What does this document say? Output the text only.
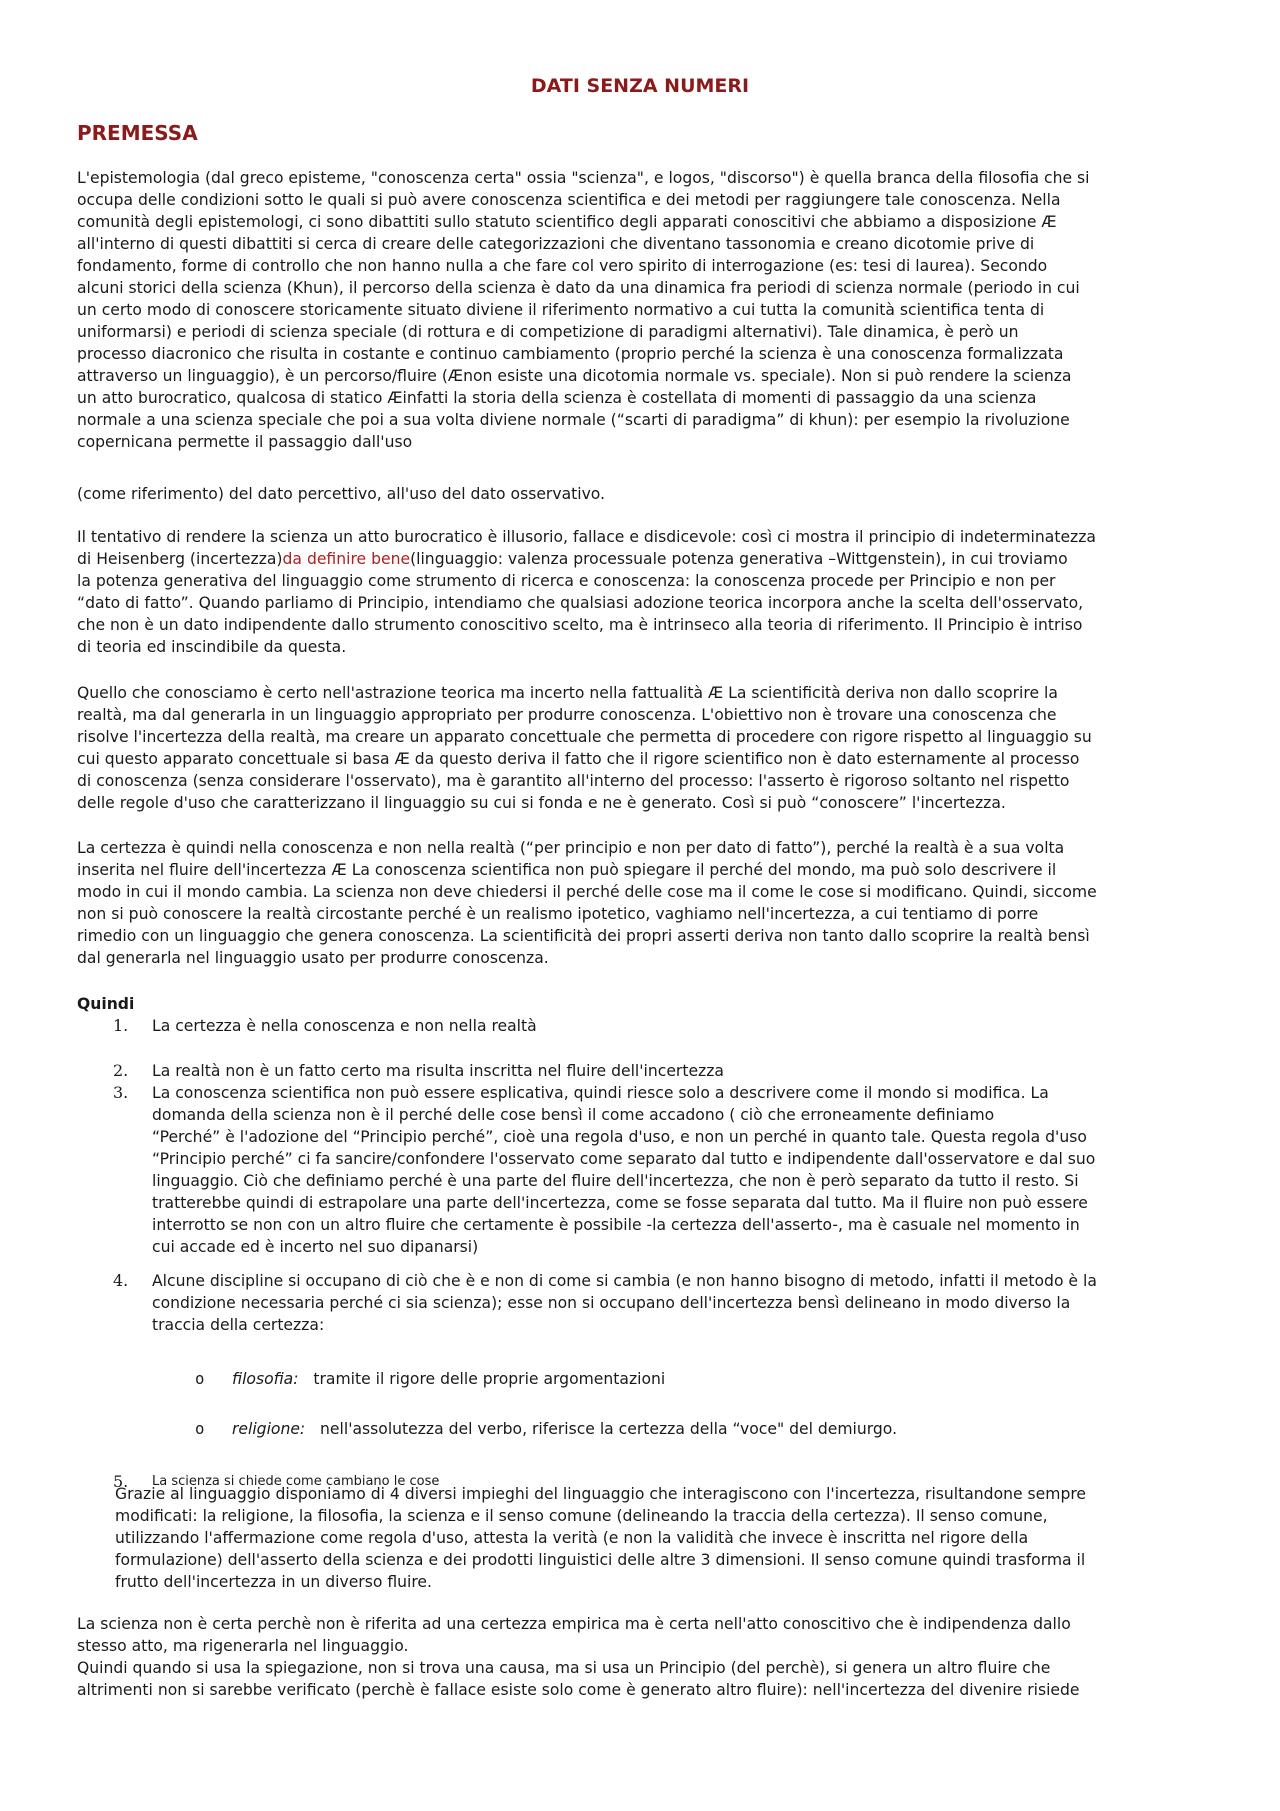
DATI SENZA NUMERI
PREMESSA
L'epistemologia (dal greco episteme, "conoscenza certa" ossia "scienza", e logos, "discorso") è quella branca della filosofia che si
occupa delle condizioni sotto le quali si può avere conoscenza scientifica e dei metodi per raggiungere tale conoscenza. Nella
comunità degli epistemologi, ci sono dibattiti sullo statuto scientifico degli apparati conoscitivi che abbiamo a disposizione Æ
all'interno di questi dibattiti si cerca di creare delle categorizzazioni che diventano tassonomia e creano dicotomie prive di
fondamento, forme di controllo che non hanno nulla a che fare col vero spirito di interrogazione (es: tesi di laurea). Secondo
alcuni storici della scienza (Khun), il percorso della scienza è dato da una dinamica fra periodi di scienza normale (periodo in cui
un certo modo di conoscere storicamente situato diviene il riferimento normativo a cui tutta la comunità scientifica tenta di
uniformarsi) e periodi di scienza speciale (di rottura e di competizione di paradigmi alternativi). Tale dinamica, è però un
processo diacronico che risulta in costante e continuo cambiamento (proprio perché la scienza è una conoscenza formalizzata
attraverso un linguaggio), è un percorso/fluire (Ænon esiste una dicotomia normale vs. speciale). Non si può rendere la scienza
un atto burocratico, qualcosa di statico Æinfatti la storia della scienza è costellata di momenti di passaggio da una scienza
normale a una scienza speciale che poi a sua volta diviene normale (“scarti di paradigma” di khun): per esempio la rivoluzione
copernicana permette il passaggio dall'uso
(come riferimento) del dato percettivo, all'uso del dato osservativo.
Il tentativo di rendere la scienza un atto burocratico è illusorio, fallace e disdicevole: così ci mostra il principio di indeterminatezza
di Heisenberg (incertezza)da definire bene(linguaggio: valenza processuale potenza generativa –Wittgenstein), in cui troviamo
la potenza generativa del linguaggio come strumento di ricerca e conoscenza: la conoscenza procede per Principio e non per
“dato di fatto”. Quando parliamo di Principio, intendiamo che qualsiasi adozione teorica incorpora anche la scelta dell'osservato,
che non è un dato indipendente dallo strumento conoscitivo scelto, ma è intrinseco alla teoria di riferimento. Il Principio è intriso
di teoria ed inscindibile da questa.
Quello che conosciamo è certo nell'astrazione teorica ma incerto nella fattualità Æ La scientificità deriva non dallo scoprire la
realtà, ma dal generarla in un linguaggio appropriato per produrre conoscenza. L'obiettivo non è trovare una conoscenza che
risolve l'incertezza della realtà, ma creare un apparato concettuale che permetta di procedere con rigore rispetto al linguaggio su
cui questo apparato concettuale si basa Æ da questo deriva il fatto che il rigore scientifico non è dato esternamente al processo
di conoscenza (senza considerare l'osservato), ma è garantito all'interno del processo: l'asserto è rigoroso soltanto nel rispetto
delle regole d'uso che caratterizzano il linguaggio su cui si fonda e ne è generato. Così si può “conoscere” l'incertezza.
La certezza è quindi nella conoscenza e non nella realtà (“per principio e non per dato di fatto”), perché la realtà è a sua volta
inserita nel fluire dell'incertezza Æ La conoscenza scientifica non può spiegare il perché del mondo, ma può solo descrivere il
modo in cui il mondo cambia. La scienza non deve chiedersi il perché delle cose ma il come le cose si modificano. Quindi, siccome
non si può conoscere la realtà circostante perché è un realismo ipotetico, vaghiamo nell'incertezza, a cui tentiamo di porre
rimedio con un linguaggio che genera conoscenza. La scientificità dei propri asserti deriva non tanto dallo scoprire la realtà bensì
dal generarla nel linguaggio usato per produrre conoscenza.
Quindi
1. La certezza è nella conoscenza e non nella realtà
2. La realtà non è un fatto certo ma risulta inscritta nel fluire dell'incertezza
3. La conoscenza scientifica non può essere esplicativa, quindi riesce solo a descrivere come il mondo si modifica. La
domanda della scienza non è il perché delle cose bensì il come accadono ( ciò che erroneamente definiamo
“Perché” è l'adozione del “Principio perché”, cioè una regola d'uso, e non un perché in quanto tale. Questa regola d'uso
“Principio perché” ci fa sancire/confondere l'osservato come separato dal tutto e indipendente dall'osservatore e dal suo
linguaggio. Ciò che definiamo perché è una parte del fluire dell'incertezza, che non è però separato da tutto il resto. Si
tratterebbe quindi di estrapolare una parte dell'incertezza, come se fosse separata dal tutto. Ma il fluire non può essere
interrotto se non con un altro fluire che certamente è possibile -la certezza dell'asserto-, ma è casuale nel momento in
cui accade ed è incerto nel suo dipanarsi)
4. Alcune discipline si occupano di ciò che è e non di come si cambia (e non hanno bisogno di metodo, infatti il metodo è la
condizione necessaria perché ci sia scienza); esse non si occupano dell'incertezza bensì delineano in modo diverso la
traccia della certezza:
o filosofia: tramite il rigore delle proprie argomentazioni
o religione: nell'assolutezza del verbo, riferisce la certezza della “voce" del demiurgo.
5. La scienza si chiede come cambiano le cose
Grazie al linguaggio disponiamo di 4 diversi impieghi del linguaggio che interagiscono con l'incertezza, risultandone sempre
modificati: la religione, la filosofia, la scienza e il senso comune (delineando la traccia della certezza). Il senso comune,
utilizzando l'affermazione come regola d'uso, attesta la verità (e non la validità che invece è inscritta nel rigore della
formulazione) dell'asserto della scienza e dei prodotti linguistici delle altre 3 dimensioni. Il senso comune quindi trasforma il
frutto dell'incertezza in un diverso fluire.
La scienza non è certa perchè non è riferita ad una certezza empirica ma è certa nell'atto conoscitivo che è indipendenza dallo
stesso atto, ma rigenerarla nel linguaggio.
Quindi quando si usa la spiegazione, non si trova una causa, ma si usa un Principio (del perchè), si genera un altro fluire che
altrimenti non si sarebbe verificato (perchè è fallace esiste solo come è generato altro fluire): nell'incertezza del divenire risiede
